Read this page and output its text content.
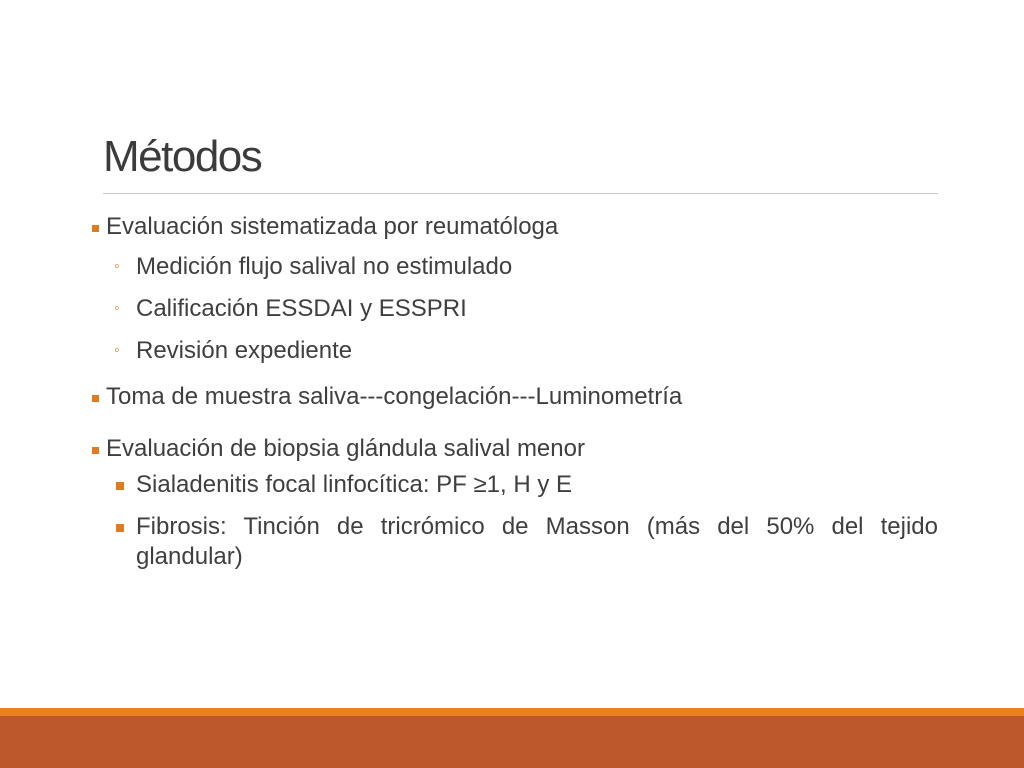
Métodos
Evaluación sistematizada por reumatóloga
◦ Medición flujo salival no estimulado
◦ Calificación ESSDAI y ESSPRI
◦ Revisión expediente
Toma de muestra saliva---congelación---Luminometría
Evaluación de biopsia glándula salival menor
Sialadenitis focal linfocítica: PF ≥1, H y E
Fibrosis: Tinción de tricrómico de Masson (más del 50% del tejido glandular)
